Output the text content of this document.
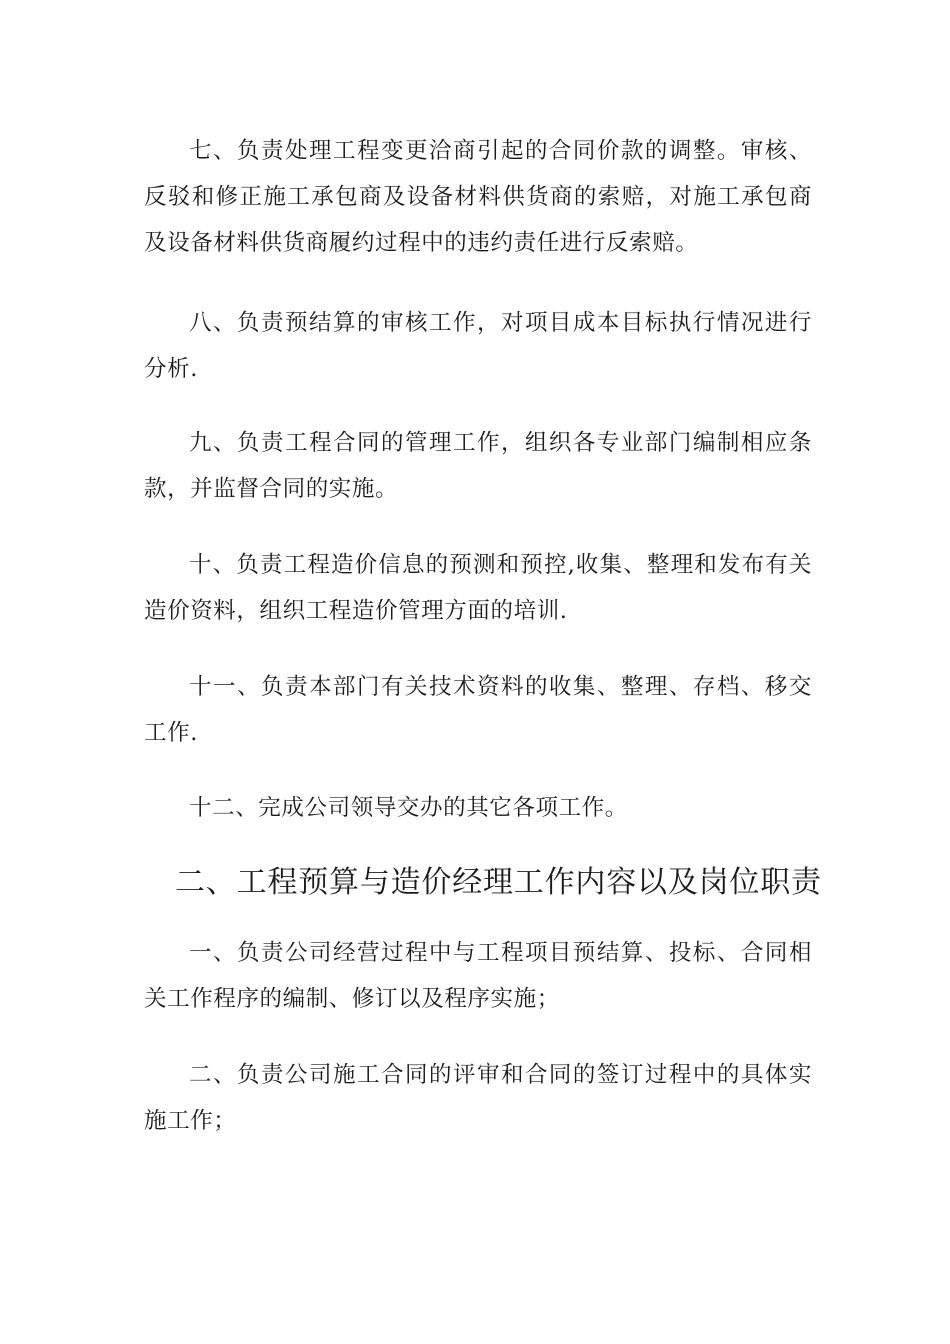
七、负责处理工程变更洽商引起的合同价款的调整。审核、反驳和修正施工承包商及设备材料供货商的索赔，对施工承包商及设备材料供货商履约过程中的违约责任进行反索赔。

八、负责预结算的审核工作，对项目成本目标执行情况进行分析.

九、负责工程合同的管理工作，组织各专业部门编制相应条款，并监督合同的实施。

十、负责工程造价信息的预测和预控,收集、整理和发布有关造价资料，组织工程造价管理方面的培训.

十一、负责本部门有关技术资料的收集、整理、存档、移交工作.

十二、完成公司领导交办的其它各项工作。

二、工程预算与造价经理工作内容以及岗位职责

一、负责公司经营过程中与工程项目预结算、投标、合同相关工作程序的编制、修订以及程序实施；

二、负责公司施工合同的评审和合同的签订过程中的具体实施工作；
